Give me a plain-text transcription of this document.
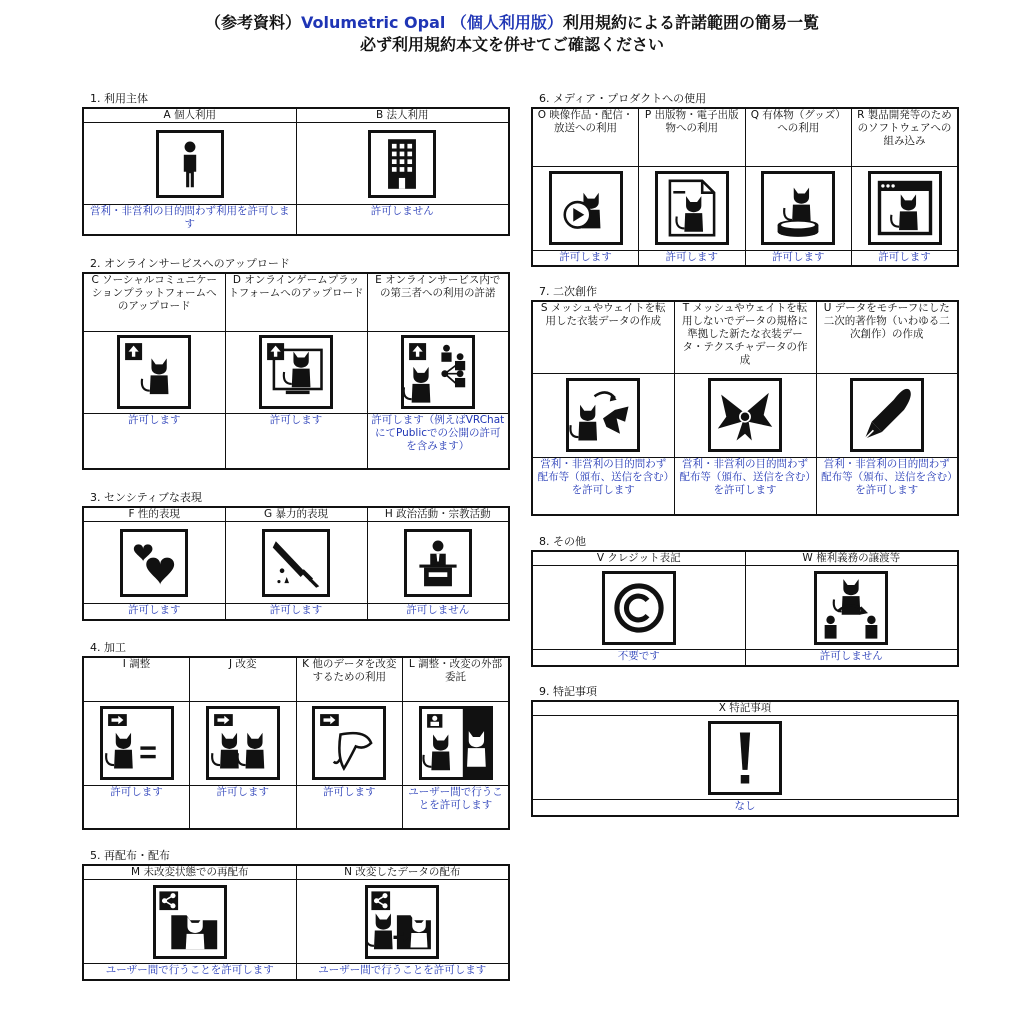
（参考資料）Volumetric Opal （個人利用版）利用規約による許諾範囲の簡易一覧
必ず利用規約本文を併せてご確認ください
1. 利用主体
A 個人利用	B 法人利用

営利・非営利の目的問わず利用を許可します	許可しません
2. オンラインサービスへのアップロード
C ソーシャルコミュニケーションプラットフォームへのアップロード	D オンラインゲームプラットフォームへのアップロード	E オンラインサービス内での第三者への利用の許諾

許可します	許可します	許可します（例えばVRChatにてPublicでの公開の許可を含みます）
3. センシティブな表現
F 性的表現	G 暴力的表現	H 政治活動・宗教活動

許可します	許可します	許可しません
4. 加工
I 調整	J 改変	K 他のデータを改変するための利用	L 調整・改変の外部委託

許可します	許可します	許可します	ユーザー間で行うことを許可します
5. 再配布・配布
M 未改変状態での再配布	N 改変したデータの配布

ユーザー間で行うことを許可します	ユーザー間で行うことを許可します
6. メディア・プロダクトへの使用
O 映像作品・配信・放送への利用	P 出版物・電子出版物への利用	Q 有体物（グッズ）への利用	R 製品開発等のためのソフトウェアへの組み込み

許可します	許可します	許可します	許可します
7. 二次創作
S メッシュやウェイトを転用した衣装データの作成	T メッシュやウェイトを転用しないでデータの規格に準拠した新たな衣装データ・テクスチャデータの作成	U データをモチーフにした二次的著作物（いわゆる二次創作）の作成

営利・非営利の目的問わず配布等（頒布、送信を含む）を許可します	営利・非営利の目的問わず配布等（頒布、送信を含む）を許可します	営利・非営利の目的問わず配布等（頒布、送信を含む）を許可します
8. その他
V クレジット表記	W 権利義務の譲渡等

不要です	許可しません
9. 特記事項
X 特記事項

なし
